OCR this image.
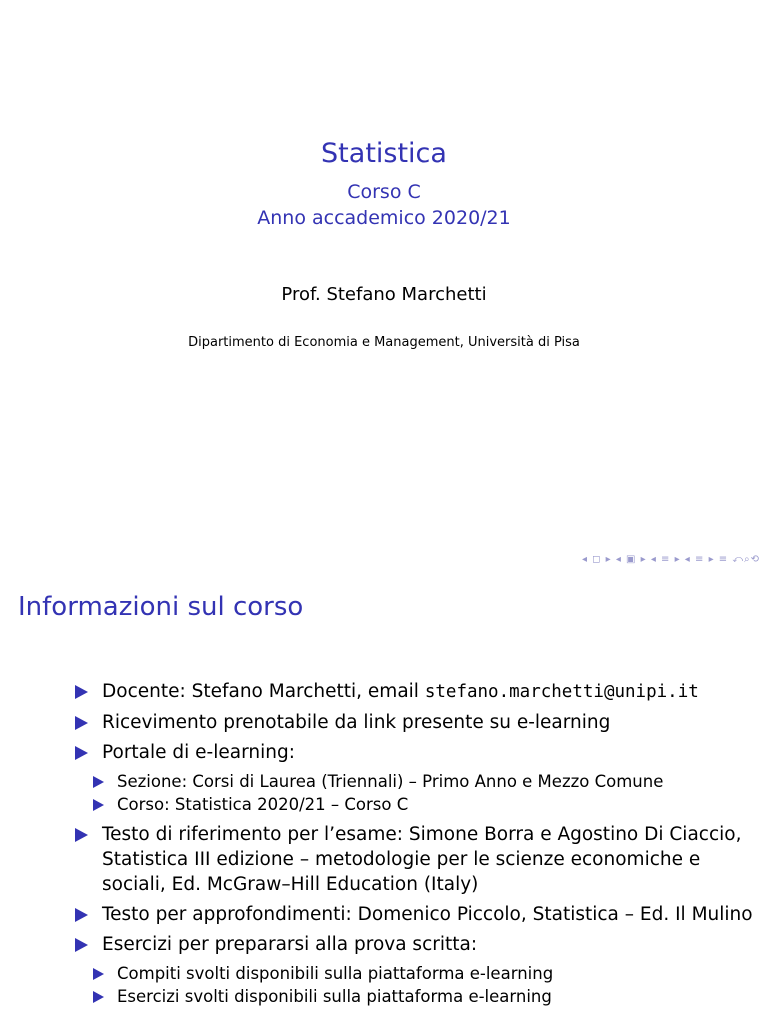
Statistica
Corso C
Anno accademico 2020/21
Prof. Stefano Marchetti
Dipartimento di Economia e Management, Università di Pisa
◂ ◻ ▸ ◂ ▣ ▸ ◂ ≡ ▸ ◂ ≡ ▸ ≡ ⤺⌕⟲
Informazioni sul corso
Docente: Stefano Marchetti, email stefano.marchetti@unipi.it
Ricevimento prenotabile da link presente su e-learning
Portale di e-learning:
Sezione: Corsi di Laurea (Triennali) – Primo Anno e Mezzo Comune
Corso: Statistica 2020/21 – Corso C
Testo di riferimento per l’esame: Simone Borra e Agostino Di Ciaccio, Statistica III edizione – metodologie per le scienze economiche e sociali, Ed. McGraw–Hill Education (Italy)
Testo per approfondimenti: Domenico Piccolo, Statistica – Ed. Il Mulino
Esercizi per prepararsi alla prova scritta:
Compiti svolti disponibili sulla piattaforma e-learning
Esercizi svolti disponibili sulla piattaforma e-learning
